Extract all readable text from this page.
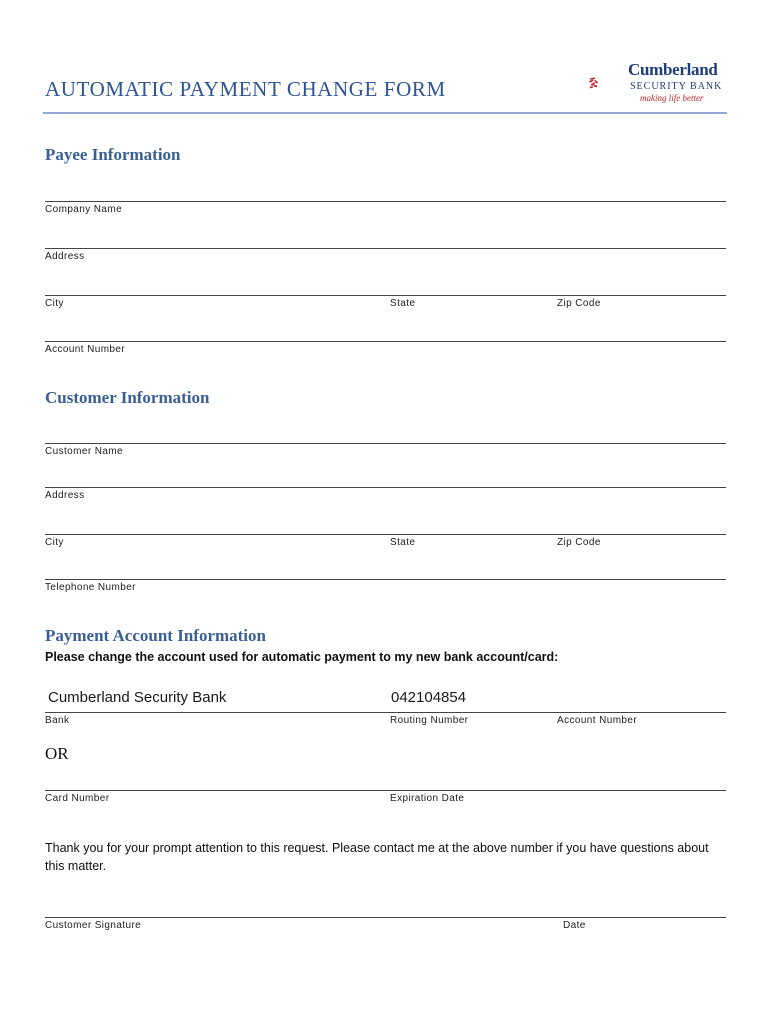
AUTOMATIC PAYMENT CHANGE FORM
Cumberland
SECURITY BANK
making life better
Payee Information
Company Name
Address
City	State	Zip Code
Account Number
Customer Information
Customer Name
Address
City	State	Zip Code
Telephone Number
Payment Account Information
Please change the account used for automatic payment to my new bank account/card:
Cumberland Security Bank	042104854
Bank	Routing Number	Account Number
OR
Card Number	Expiration Date
Thank you for your prompt attention to this request. Please contact me at the above number if you have questions about this matter.
Customer Signature	Date
